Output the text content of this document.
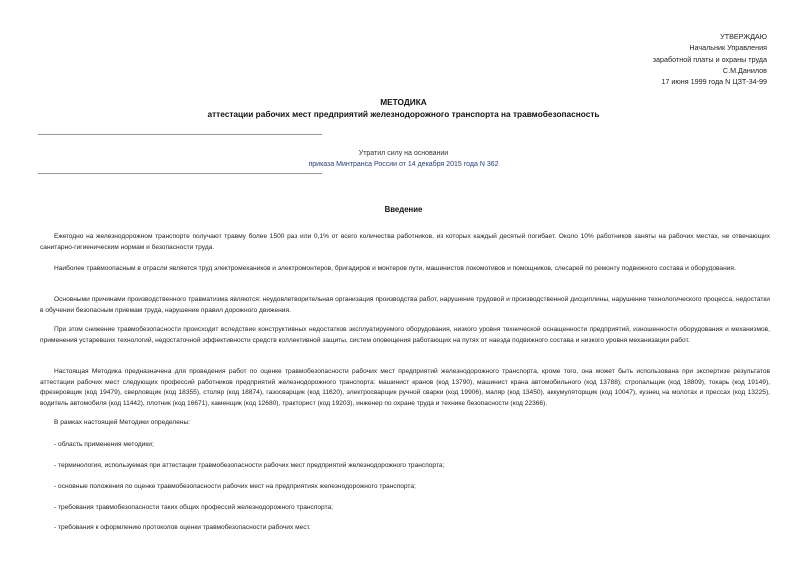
УТВЕРЖДАЮ
Начальник Управления
заработной платы и охраны труда
С.М.Данилов
17 июня 1999 года N ЦЗТ-34-99
МЕТОДИКА
аттестации рабочих мест предприятий железнодорожного транспорта на травмобезопасность
Утратил силу на основании
приказа Минтранса России от 14 декабря 2015 года N 362
Введение
Ежегодно на железнодорожном транспорте получают травму более 1500 раз или 0,1% от всего количества работников, из которых каждый десятый погибает. Около 10% работников заняты на рабочих местах, не отвечающих санитарно-гигиеническим нормам и безопасности труда.
Наиболее травмоопасным в отрасли является труд электромехаников и электромонтеров, бригадиров и монтеров пути, машинистов локомотивов и помощников, слесарей по ремонту подвижного состава и оборудования.
Основными причинами производственного травматизма являются: неудовлетворительная организация производства работ, нарушение трудовой и производственной дисциплины, нарушение технологического процесса, недостатки в обучении безопасным приемам труда, нарушение правил дорожного движения.
При этом снижение травмобезопасности происходит вследствие конструктивных недостатков эксплуатируемого оборудования, низкого уровня технической оснащенности предприятий, изношенности оборудования и механизмов, применения устаревших технологий, недостаточной эффективности средств коллективной защиты, систем оповещения работающих на путях от наезда подвижного состава и низкого уровня механизации работ.
Настоящая Методика предназначена для проведения работ по оценке травмобезопасности рабочих мест предприятий железнодорожного транспорта, кроме того, она может быть использована при экспертизе результатов аттестации рабочих мест следующих профессий работников предприятий железнодорожного транспорта: машинист кранов (код 13790), машинист крана автомобильного (код 13788); стропальщик (код 18809), токарь (код 19149), фрезеровщик (код 19479), сверловщик (код 18355), столяр (код 18874), газосварщик (код 11620), электросварщик ручной сварки (код 19906), маляр (код 13450), аккумуляторщик (код 10047), кузнец на молотах и прессах (код 13225), водитель автомобиля (код 11442), плотник (код 16671), каменщик (код 12680), тракторист (код 19203), инженер по охране труда и технике безопасности (код 22366).
В рамках настоящей Методики определены:
- область применения методики;
- терминология, используемая при аттестации травмобезопасности рабочих мест предприятий железнодорожного транспорта;
- основные положения по оценке травмобезопасности рабочих мест на предприятиях железнодорожного транспорта;
- требования травмобезопасности таких общих профессий железнодорожного транспорта;
- требования к оформлению протоколов оценки травмобезопасности рабочих мест.
